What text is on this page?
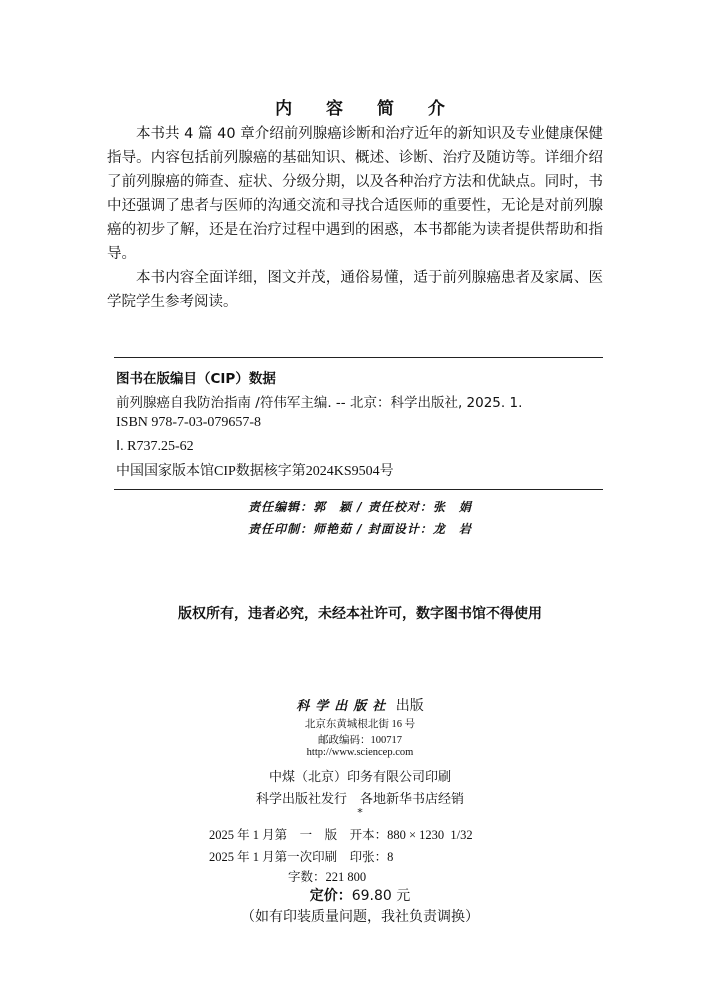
内 容 简 介

本书共 4 篇 40 章介绍前列腺癌诊断和治疗近年的新知识及专业健康保健指导。内容包括前列腺癌的基础知识、概述、诊断、治疗及随访等。详细介绍了前列腺癌的筛查、症状、分级分期，以及各种治疗方法和优缺点。同时，书中还强调了患者与医师的沟通交流和寻找合适医师的重要性，无论是对前列腺癌的初步了解，还是在治疗过程中遇到的困惑，本书都能为读者提供帮助和指导。

本书内容全面详细，图文并茂，通俗易懂，适于前列腺癌患者及家属、医学院学生参考阅读。

图书在版编目（CIP）数据
前列腺癌自我防治指南 /符伟军主编. -- 北京：科学出版社, 2025. 1.
ISBN 978-7-03-079657-8
Ⅰ. R737.25-62
中国国家版本馆CIP数据核字第2024KS9504号
责任编辑：郭　颖 / 责任校对：张　娟
责任印制：师艳茹 / 封面设计：龙　岩
版权所有，违者必究，未经本社许可，数字图书馆不得使用
科学出版社 出版
北京东黄城根北街 16 号
邮政编码：100717
http://www.sciencep.com
中煤（北京）印务有限公司印刷
科学出版社发行　各地新华书店经销
*
2025 年 1 月第　一　版　开本：880 × 1230  1/32
2025 年 1 月第一次印刷　印张：8
字数：221 800
定价：69.80 元
（如有印装质量问题，我社负责调换）
